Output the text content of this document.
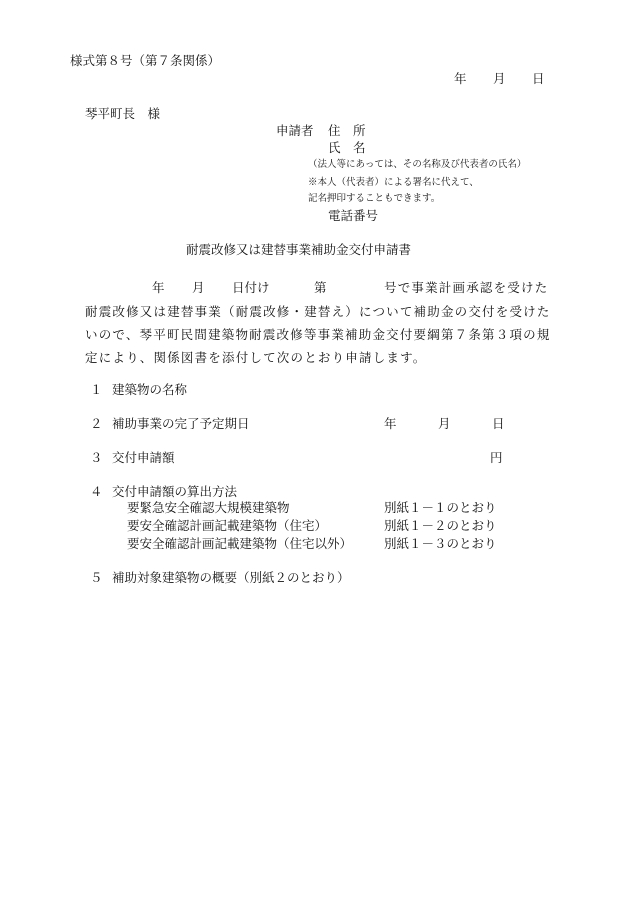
様式第８号（第７条関係）
年 月 日
琴平町長　様
申請者 住　所
氏　名
（法人等にあっては、その名称及び代表者の氏名）
※本人（代表者）による署名に代えて、
記名押印することもできます。
電話番号
耐震改修又は建替事業補助金交付申請書
年 月 日付け	第	号で事業計画承認を受けた
耐震改修又は建替事業（耐震改修・建替え）について補助金の交付を受けた
いので、琴平町民間建築物耐震改修等事業補助金交付要綱第７条第３項の規
定により、関係図書を添付して次のとおり申請します。
１ 建築物の名称
２ 補助事業の完了予定期日	年	月	日
３ 交付申請額	円
４ 交付申請額の算出方法
要緊急安全確認大規模建築物	別紙１－１のとおり
要安全確認計画記載建築物（住宅）	別紙１－２のとおり
要安全確認計画記載建築物（住宅以外）	別紙１－３のとおり
５ 補助対象建築物の概要（別紙２のとおり）
